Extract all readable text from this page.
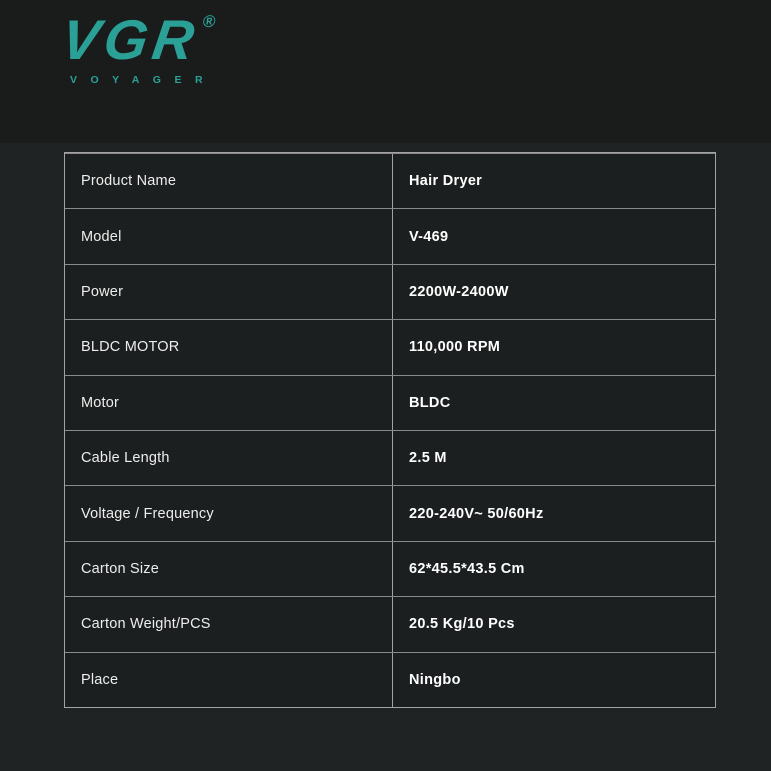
VGR
®
VOYAGER
Product Name	Hair Dryer
Model	V-469
Power	2200W-2400W
BLDC MOTOR	110,000 RPM
Motor	BLDC
Cable Length	2.5 M
Voltage / Frequency	220-240V~ 50/60Hz
Carton Size	62*45.5*43.5 Cm
Carton Weight/PCS	20.5 Kg/10 Pcs
Place	Ningbo
